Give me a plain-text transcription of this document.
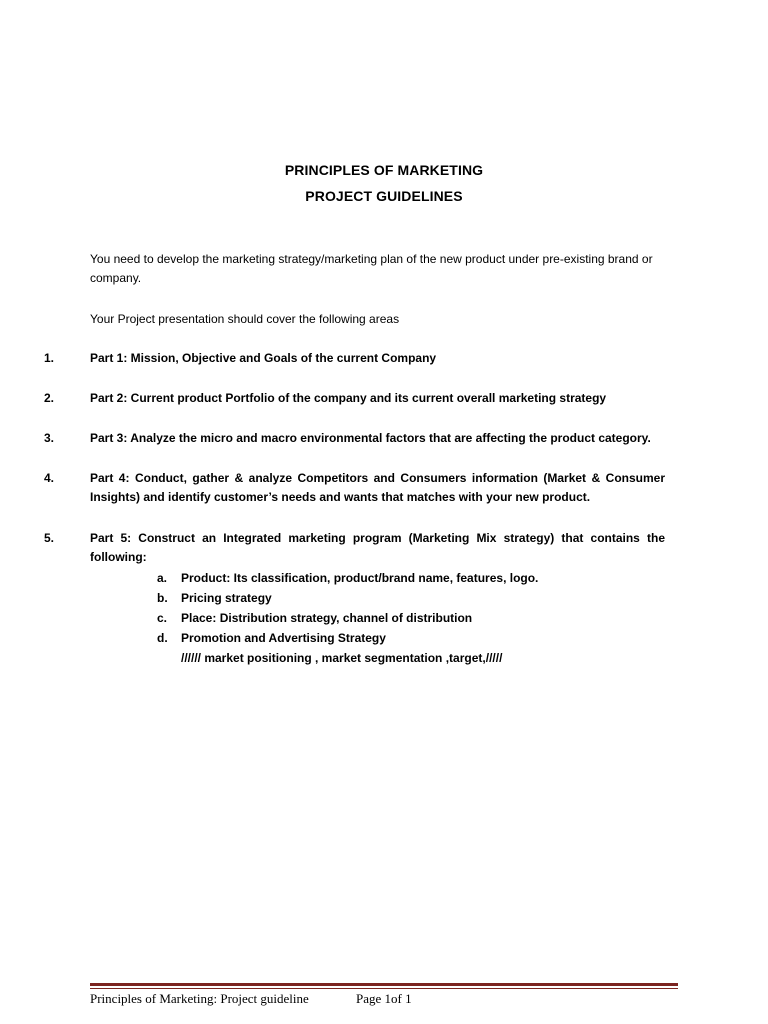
PRINCIPLES OF MARKETING
PROJECT GUIDELINES
You need to develop the marketing strategy/marketing plan of the new product under pre-existing brand or company.
Your Project presentation should cover the following areas
1.	Part 1: Mission, Objective and Goals of the current Company
2.	Part 2: Current product Portfolio of the company and its current overall marketing strategy
3.	Part 3: Analyze the micro and macro environmental factors that are affecting the product category.
4.	Part 4: Conduct, gather & analyze Competitors and Consumers information (Market & Consumer Insights) and identify customer’s needs and wants that matches with your new product.
5.	Part 5: Construct an Integrated marketing program (Marketing Mix strategy) that contains the following:
a. Product: Its classification, product/brand name, features, logo.
b. Pricing strategy
c. Place: Distribution strategy, channel of distribution
d. Promotion and Advertising Strategy
////// market positioning , market segmentation ,target,/////
Principles of Marketing: Project guideline	Page 1of 1
